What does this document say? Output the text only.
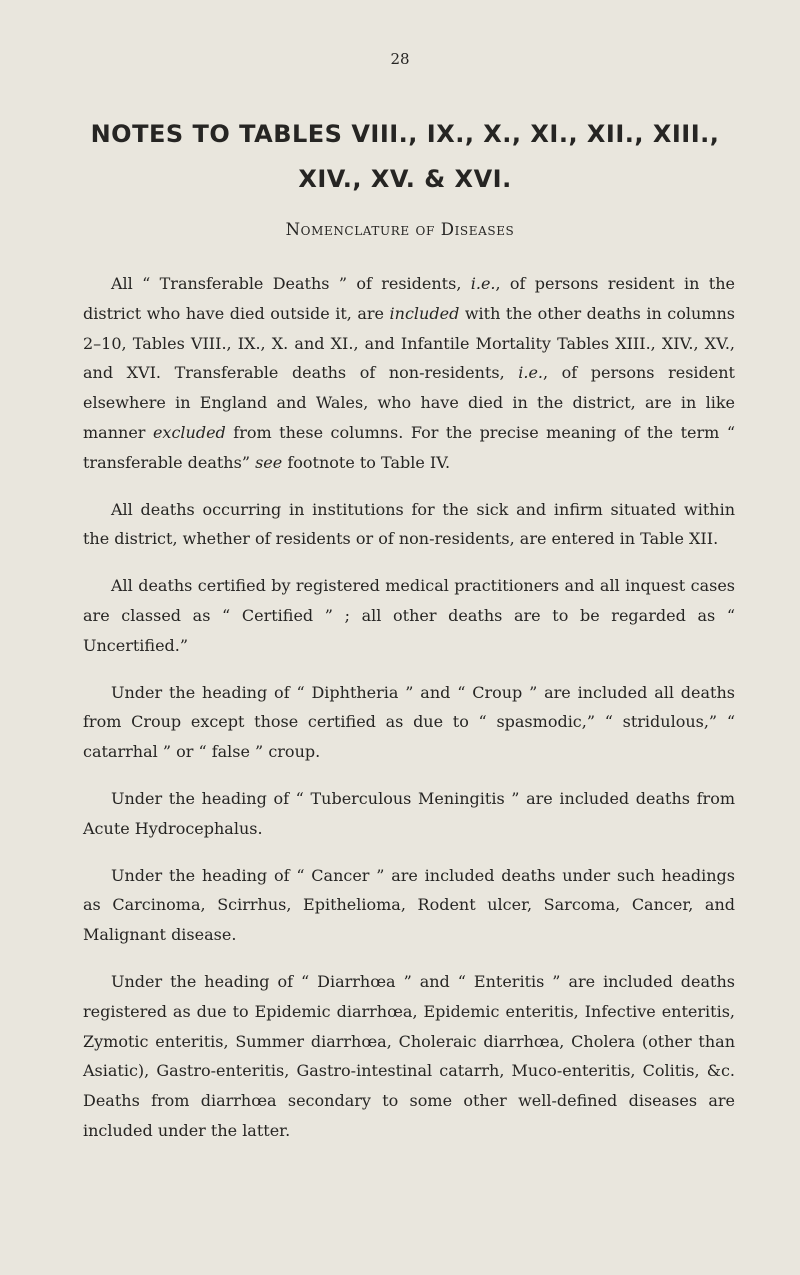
28
NOTES TO TABLES VIII., IX., X., XI., XII., XIII.,
XIV., XV. & XVI.
Nomenclature of Diseases

All “ Transferable Deaths ” of residents, i.e., of persons resident in the district who have died outside it, are included with the other deaths in columns 2–10, Tables VIII., IX., X. and XI., and Infantile Mortality Tables XIII., XIV., XV., and XVI. Transferable deaths of non-residents, i.e., of persons resident elsewhere in England and Wales, who have died in the district, are in like manner excluded from these columns. For the precise meaning of the term “ transferable deaths” see footnote to Table IV.

All deaths occurring in institutions for the sick and infirm situated within the district, whether of residents or of non-residents, are entered in Table XII.

All deaths certified by registered medical practitioners and all inquest cases are classed as “ Certified ” ; all other deaths are to be regarded as “ Uncertified.”

Under the heading of “ Diphtheria ” and “ Croup ” are included all deaths from Croup except those certified as due to “ spasmodic,” “ stridulous,” “ catarrhal ” or “ false ” croup.

Under the heading of “ Tuberculous Meningitis ” are included deaths from Acute Hydrocephalus.

Under the heading of “ Cancer ” are included deaths under such headings as Carcinoma, Scirrhus, Epithelioma, Rodent ulcer, Sarcoma, Cancer, and Malignant disease.

Under the heading of “ Diarrhœa ” and “ Enteritis ” are included deaths registered as due to Epidemic diarrhœa, Epidemic enteritis, Infective enteritis, Zymotic enteritis, Summer diarrhœa, Choleraic diarrhœa, Cholera (other than Asiatic), Gastro-enteritis, Gastro-intestinal catarrh, Muco-enteritis, Colitis, &c. Deaths from diarrhœa secondary to some other well-defined diseases are included under the latter.
